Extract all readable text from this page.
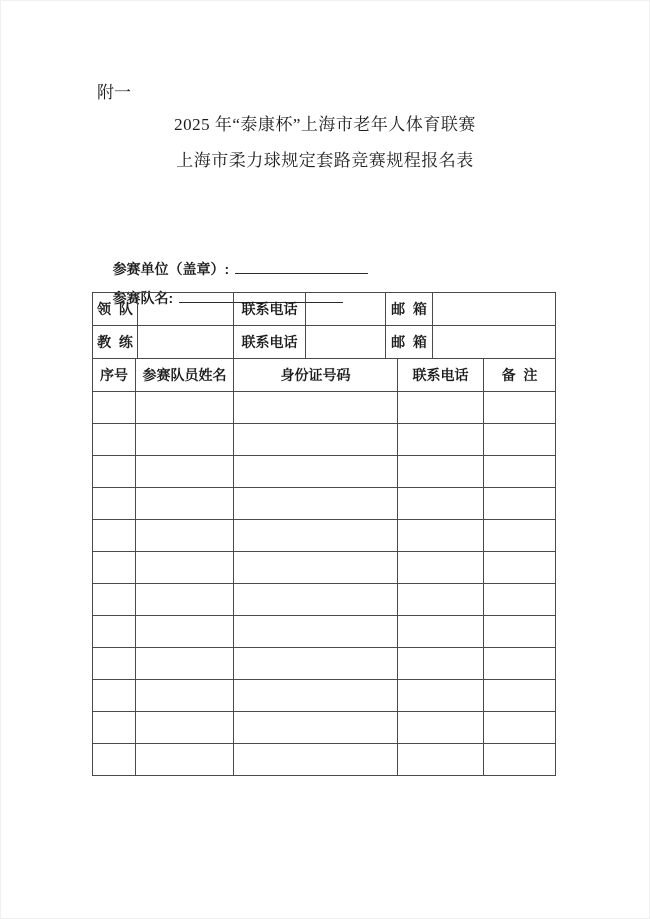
附一
2025 年“泰康杯”上海市老年人体育联赛
上海市柔力球规定套路竞赛规程报名表

参赛单位（盖章）:

参赛队名:

领  队		联系电话		邮  箱	
教  练		联系电话		邮  箱	
序号	参赛队员姓名	身份证号码	联系电话	备  注
